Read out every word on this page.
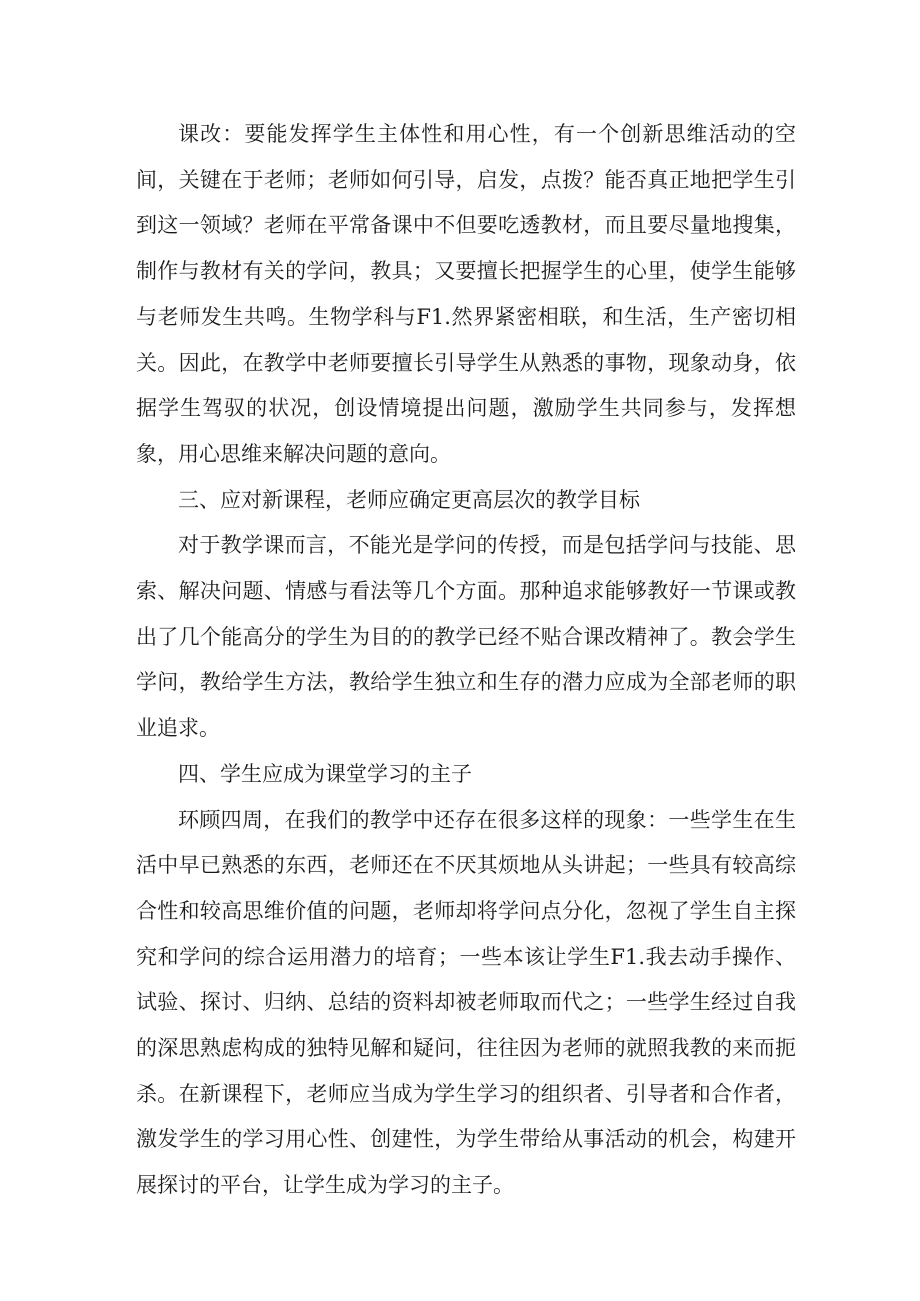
课改：要能发挥学生主体性和用心性，有一个创新思维活动的空间，关键在于老师；老师如何引导，启发，点拨？能否真正地把学生引到这一领域？老师在平常备课中不但要吃透教材，而且要尽量地搜集，制作与教材有关的学问，教具；又要擅长把握学生的心里，使学生能够与老师发生共鸣。生物学科与F1.然界紧密相联，和生活，生产密切相关。因此，在教学中老师要擅长引导学生从熟悉的事物，现象动身，依据学生驾驭的状况，创设情境提出问题，激励学生共同参与，发挥想象，用心思维来解决问题的意向。

三、应对新课程，老师应确定更高层次的教学目标

对于教学课而言，不能光是学问的传授，而是包括学问与技能、思索、解决问题、情感与看法等几个方面。那种追求能够教好一节课或教出了几个能高分的学生为目的的教学已经不贴合课改精神了。教会学生学问，教给学生方法，教给学生独立和生存的潜力应成为全部老师的职业追求。

四、学生应成为课堂学习的主子

环顾四周，在我们的教学中还存在很多这样的现象：一些学生在生活中早已熟悉的东西，老师还在不厌其烦地从头讲起；一些具有较高综合性和较高思维价值的问题，老师却将学问点分化，忽视了学生自主探究和学问的综合运用潜力的培育；一些本该让学生F1.我去动手操作、试验、探讨、归纳、总结的资料却被老师取而代之；一些学生经过自我的深思熟虑构成的独特见解和疑问，往往因为老师的就照我教的来而扼杀。在新课程下，老师应当成为学生学习的组织者、引导者和合作者，激发学生的学习用心性、创建性，为学生带给从事活动的机会，构建开展探讨的平台，让学生成为学习的主子。
